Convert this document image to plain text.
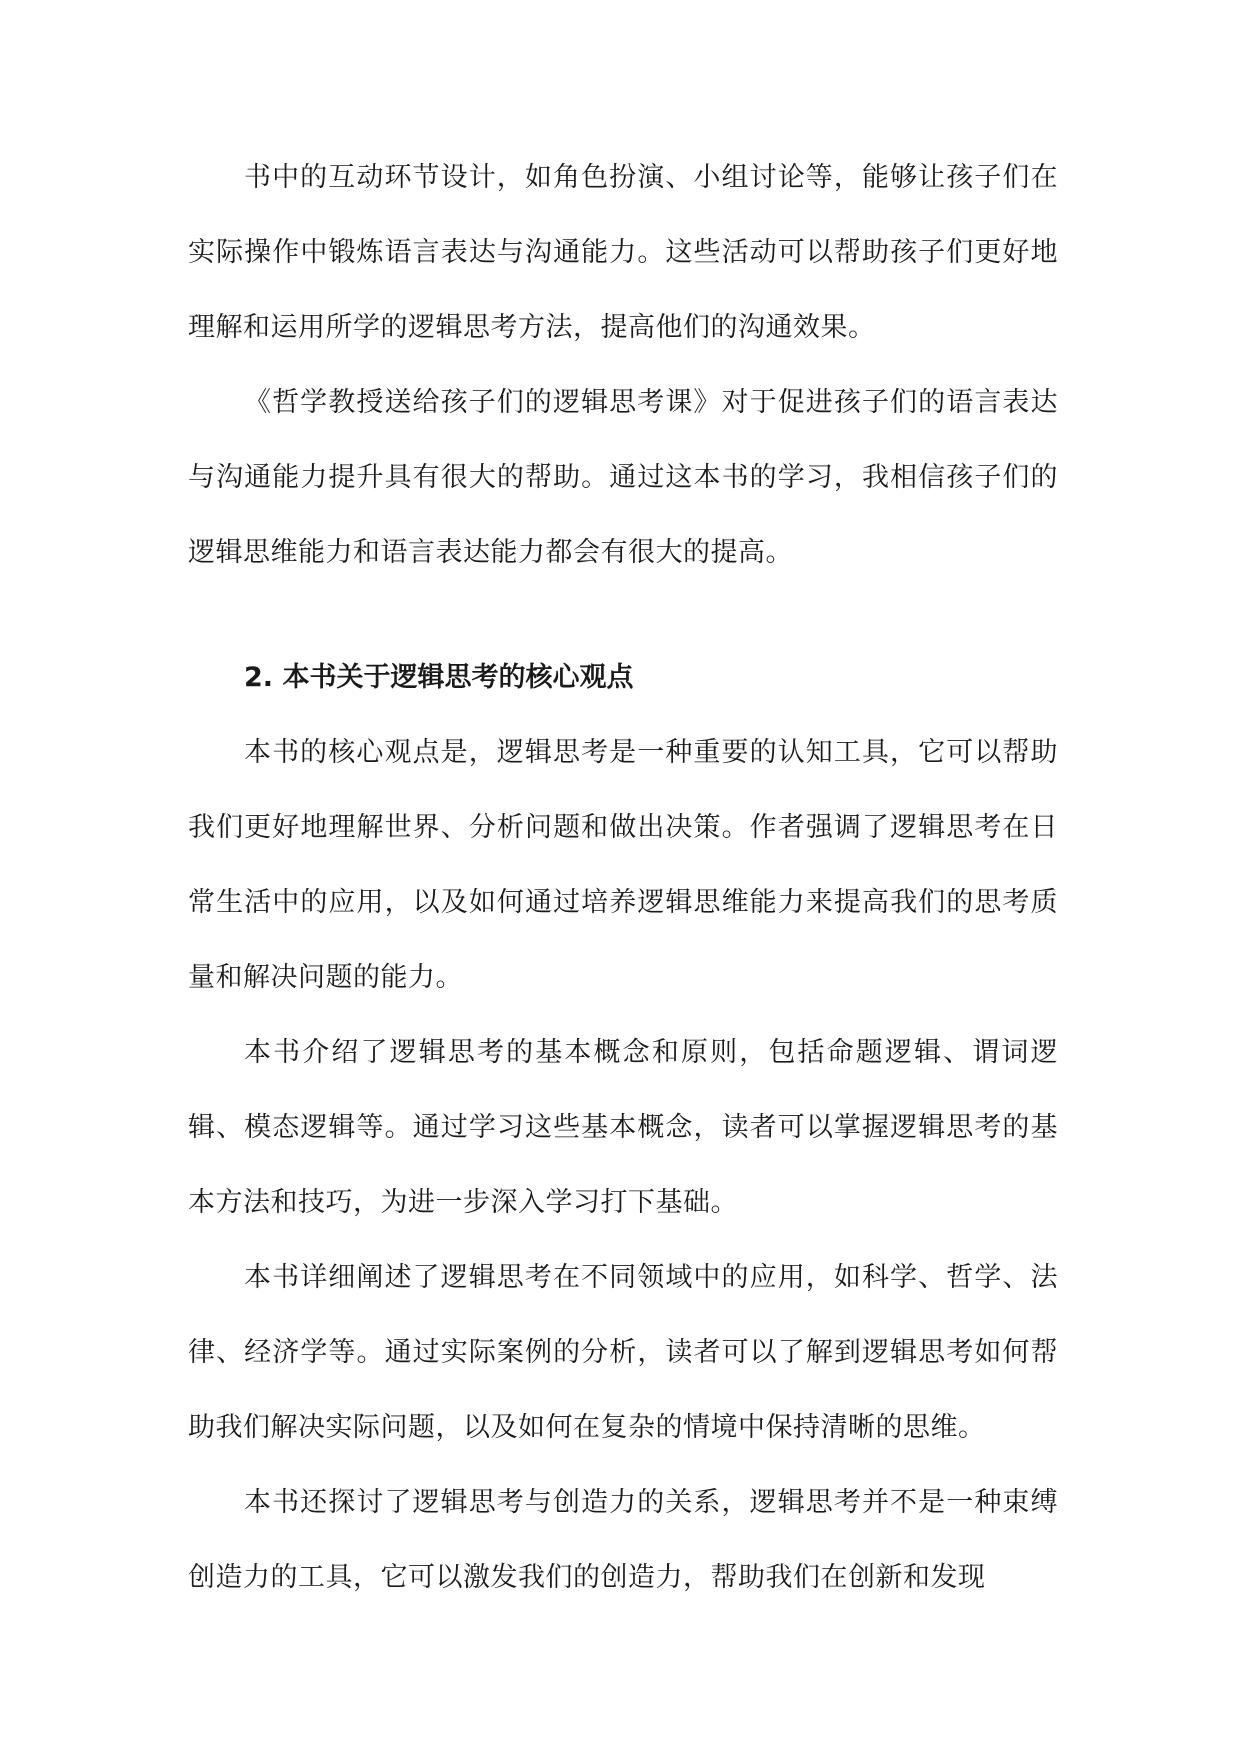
书中的互动环节设计，如角色扮演、小组讨论等，能够让孩子们在实际操作中锻炼语言表达与沟通能力。这些活动可以帮助孩子们更好地理解和运用所学的逻辑思考方法，提高他们的沟通效果。

《哲学教授送给孩子们的逻辑思考课》对于促进孩子们的语言表达与沟通能力提升具有很大的帮助。通过这本书的学习，我相信孩子们的逻辑思维能力和语言表达能力都会有很大的提高。

2. 本书关于逻辑思考的核心观点

本书的核心观点是，逻辑思考是一种重要的认知工具，它可以帮助我们更好地理解世界、分析问题和做出决策。作者强调了逻辑思考在日常生活中的应用，以及如何通过培养逻辑思维能力来提高我们的思考质量和解决问题的能力。

本书介绍了逻辑思考的基本概念和原则，包括命题逻辑、谓词逻辑、模态逻辑等。通过学习这些基本概念，读者可以掌握逻辑思考的基本方法和技巧，为进一步深入学习打下基础。

本书详细阐述了逻辑思考在不同领域中的应用，如科学、哲学、法律、经济学等。通过实际案例的分析，读者可以了解到逻辑思考如何帮助我们解决实际问题，以及如何在复杂的情境中保持清晰的思维。

本书还探讨了逻辑思考与创造力的关系，逻辑思考并不是一种束缚创造力的工具，它可以激发我们的创造力，帮助我们在创新和发现
